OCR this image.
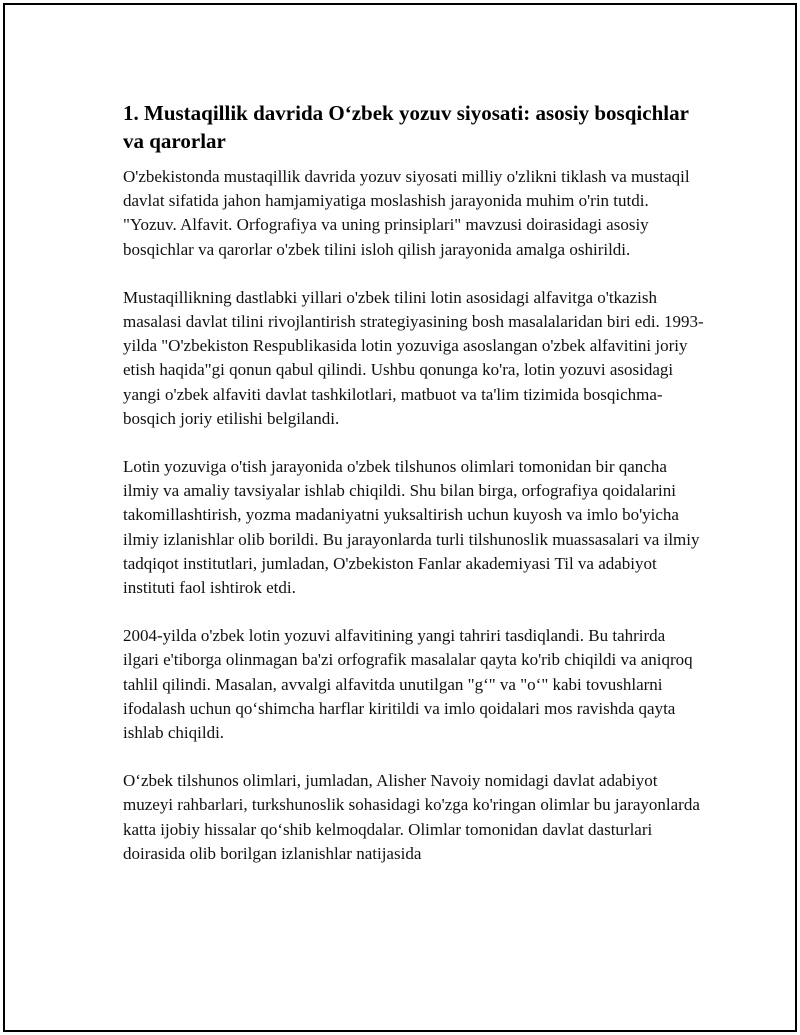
1. Mustaqillik davrida O‘zbek yozuv siyosati: asosiy bosqichlar va qarorlar

O'zbekistonda mustaqillik davrida yozuv siyosati milliy o'zlikni tiklash va mustaqil davlat sifatida jahon hamjamiyatiga moslashish jarayonida muhim o'rin tutdi. "Yozuv. Alfavit. Orfografiya va uning prinsiplari" mavzusi doirasidagi asosiy bosqichlar va qarorlar o'zbek tilini isloh qilish jarayonida amalga oshirildi.

Mustaqillikning dastlabki yillari o'zbek tilini lotin asosidagi alfavitga o'tkazish masalasi davlat tilini rivojlantirish strategiyasining bosh masalalaridan biri edi. 1993-yilda "O'zbekiston Respublikasida lotin yozuviga asoslangan o'zbek alfavitini joriy etish haqida"gi qonun qabul qilindi. Ushbu qonunga ko'ra, lotin yozuvi asosidagi yangi o'zbek alfaviti davlat tashkilotlari, matbuot va ta'lim tizimida bosqichma-bosqich joriy etilishi belgilandi.

Lotin yozuviga o'tish jarayonida o'zbek tilshunos olimlari tomonidan bir qancha ilmiy va amaliy tavsiyalar ishlab chiqildi. Shu bilan birga, orfografiya qoidalarini takomillashtirish, yozma madaniyatni yuksaltirish uchun kuyosh va imlo bo'yicha ilmiy izlanishlar olib borildi. Bu jarayonlarda turli tilshunoslik muassasalari va ilmiy tadqiqot institutlari, jumladan, O'zbekiston Fanlar akademiyasi Til va adabiyot instituti faol ishtirok etdi.

2004-yilda o'zbek lotin yozuvi alfavitining yangi tahriri tasdiqlandi. Bu tahrirda ilgari e'tiborga olinmagan ba'zi orfografik masalalar qayta ko'rib chiqildi va aniqroq tahlil qilindi. Masalan, avvalgi alfavitda unutilgan "g‘" va "o‘" kabi tovushlarni ifodalash uchun qo‘shimcha harflar kiritildi va imlo qoidalari mos ravishda qayta ishlab chiqildi.

O‘zbek tilshunos olimlari, jumladan, Alisher Navoiy nomidagi davlat adabiyot muzeyi rahbarlari, turkshunoslik sohasidagi ko'zga ko'ringan olimlar bu jarayonlarda katta ijobiy hissalar qo‘shib kelmoqdalar. Olimlar tomonidan davlat dasturlari doirasida olib borilgan izlanishlar natijasida
